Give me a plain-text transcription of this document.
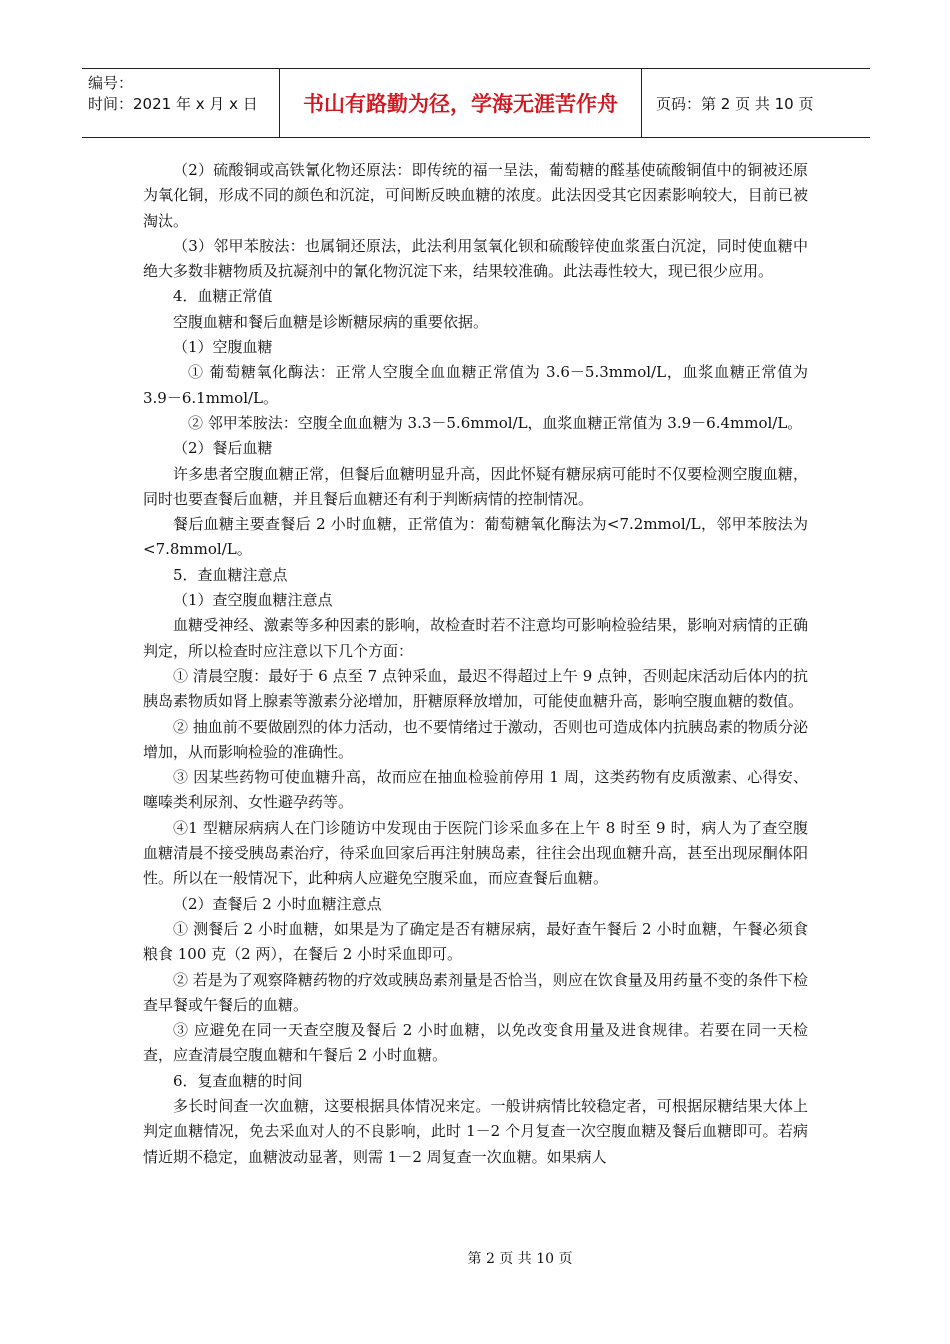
编号：
时间：2021 年 x 月 x 日	书山有路勤为径，学海无涯苦作舟	页码：第 2 页 共 10 页

（2）硫酸铜或高铁氰化物还原法：即传统的福一呈法，葡萄糖的醛基使硫酸铜值中的铜被还原为氧化铜，形成不同的颜色和沉淀，可间断反映血糖的浓度。此法因受其它因素影响较大，目前已被淘汰。

（3）邻甲苯胺法：也属铜还原法，此法利用氢氧化钡和硫酸锌使血浆蛋白沉淀，同时使血糖中绝大多数非糖物质及抗凝剂中的氰化物沉淀下来，结果较准确。此法毒性较大，现已很少应用。

4．血糖正常值

空腹血糖和餐后血糖是诊断糖尿病的重要依据。

（1）空腹血糖

① 葡萄糖氧化酶法：正常人空腹全血血糖正常值为 3.6－5.3mmol/L，血浆血糖正常值为 3.9－6.1mmol/L。

② 邻甲苯胺法：空腹全血血糖为 3.3－5.6mmol/L，血浆血糖正常值为 3.9－6.4mmol/L。

（2）餐后血糖

许多患者空腹血糖正常，但餐后血糖明显升高，因此怀疑有糖尿病可能时不仅要检测空腹血糖，同时也要查餐后血糖，并且餐后血糖还有利于判断病情的控制情况。

餐后血糖主要查餐后 2 小时血糖，正常值为：葡萄糖氧化酶法为<7.2mmol/L，邻甲苯胺法为<7.8mmol/L。

5．查血糖注意点

（1）查空腹血糖注意点

血糖受神经、激素等多种因素的影响，故检查时若不注意均可影响检验结果，影响对病情的正确判定，所以检查时应注意以下几个方面：

① 清晨空腹：最好于 6 点至 7 点钟采血，最迟不得超过上午 9 点钟，否则起床活动后体内的抗胰岛素物质如肾上腺素等激素分泌增加，肝糖原释放增加，可能使血糖升高，影响空腹血糖的数值。

② 抽血前不要做剧烈的体力活动，也不要情绪过于激动，否则也可造成体内抗胰岛素的物质分泌增加，从而影响检验的准确性。

③ 因某些药物可使血糖升高，故而应在抽血检验前停用 1 周，这类药物有皮质激素、心得安、噻嗪类利尿剂、女性避孕药等。

④1 型糖尿病病人在门诊随访中发现由于医院门诊采血多在上午 8 时至 9 时，病人为了查空腹血糖清晨不接受胰岛素治疗，待采血回家后再注射胰岛素，往往会出现血糖升高，甚至出现尿酮体阳性。所以在一般情况下，此种病人应避免空腹采血，而应查餐后血糖。

（2）查餐后 2 小时血糖注意点

① 测餐后 2 小时血糖，如果是为了确定是否有糖尿病，最好查午餐后 2 小时血糖，午餐必须食粮食 100 克（2 两），在餐后 2 小时采血即可。

② 若是为了观察降糖药物的疗效或胰岛素剂量是否恰当，则应在饮食量及用药量不变的条件下检查早餐或午餐后的血糖。

③ 应避免在同一天查空腹及餐后 2 小时血糖，以免改变食用量及进食规律。若要在同一天检查，应查清晨空腹血糖和午餐后 2 小时血糖。

6．复查血糖的时间

多长时间查一次血糖，这要根据具体情况来定。一般讲病情比较稳定者，可根据尿糖结果大体上判定血糖情况，免去采血对人的不良影响，此时 1－2 个月复查一次空腹血糖及餐后血糖即可。若病情近期不稳定，血糖波动显著，则需 1－2 周复查一次血糖。如果病人

第 2 页 共 10 页
